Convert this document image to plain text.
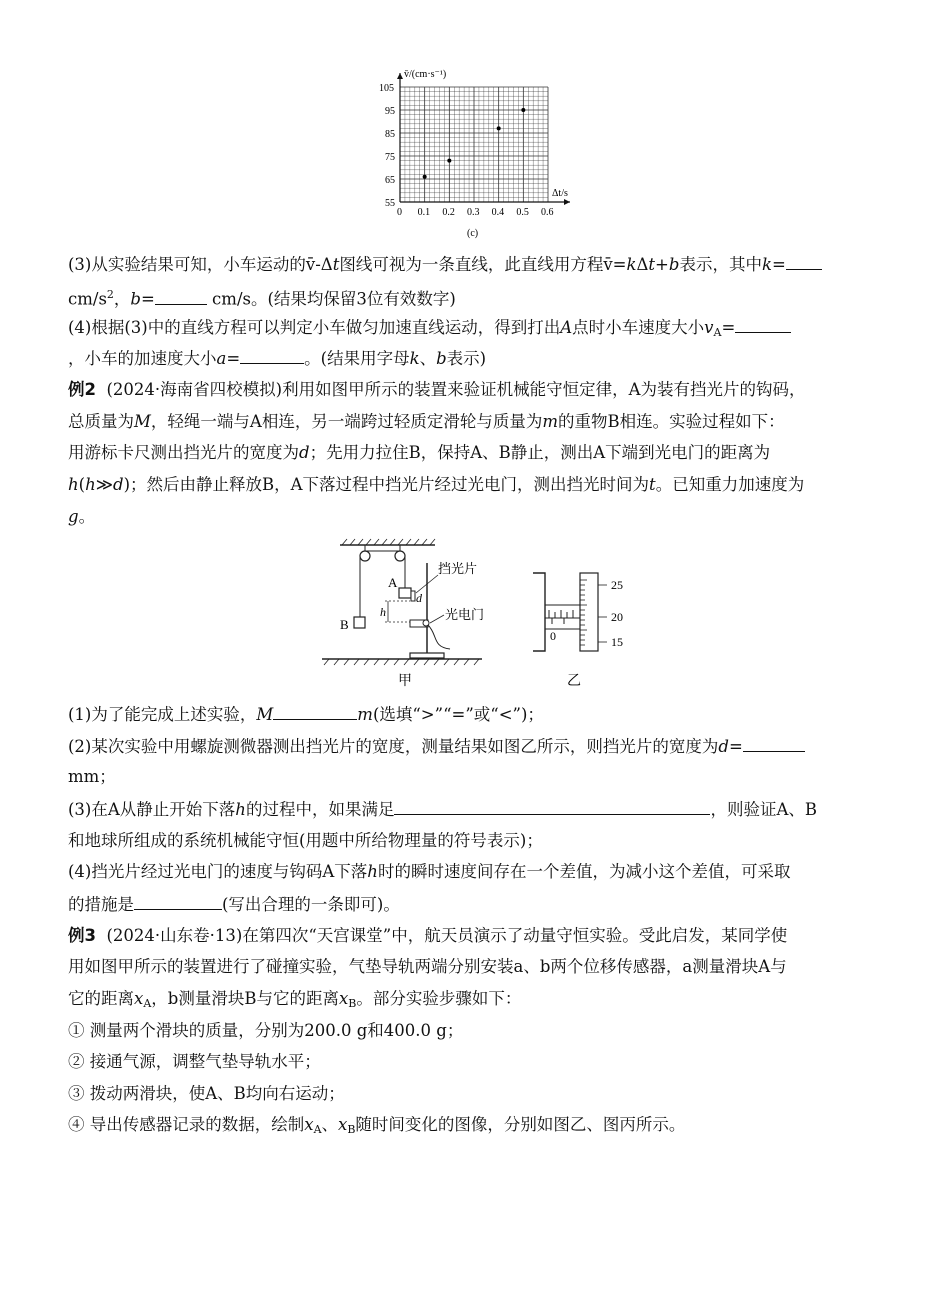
0 0.1 0.2 0.3 0.4 0.5 0.6
55
65
75
85
95
105
v̄/(cm·s⁻¹)
Δt/s
(c)
(3)从实验结果可知，小车运动的v̄-Δt图线可视为一条直线，此直线用方程v̄=kΔt+b表示，其中k=
$cm/s^2$，b=	cm/s。(结果均保留3位有效数字)
(4)根据(3)中的直线方程可以判定小车做匀加速直线运动，得到打出A点时小车速度大小$v_A=$
，小车的加速度大小a=	。(结果用字母k、b表示)
例2 (2024·海南省四校模拟)利用如图甲所示的装置来验证机械能守恒定律，A为装有挡光片的钩码，
总质量为M，轻绳一端与A相连，另一端跨过轻质定滑轮与质量为m的重物B相连。实验过程如下：
用游标卡尺测出挡光片的宽度为d；先用力拉住B，保持A、B静止，测出A下端到光电门的距离为
h(h≫d)；然后由静止释放B，A下落过程中挡光片经过光电门，测出挡光时间为t。已知重力加速度为
g。
B
A
h
d
挡光片
光电门
甲
0
25
20
15
乙
(1)为了能完成上述实验，M	m(选填“>”“=”或“<”)；
(2)某次实验中用螺旋测微器测出挡光片的宽度，测量结果如图乙所示，则挡光片的宽度为d=
mm；
(3)在A从静止开始下落h的过程中，如果满足	，则验证A、B
和地球所组成的系统机械能守恒(用题中所给物理量的符号表示)；
(4)挡光片经过光电门的速度与钩码A下落h时的瞬时速度间存在一个差值，为减小这个差值，可采取
的措施是	(写出合理的一条即可)。
例3 (2024·山东卷·13)在第四次“天宫课堂”中，航天员演示了动量守恒实验。受此启发，某同学使
用如图甲所示的装置进行了碰撞实验，气垫导轨两端分别安装a、b两个位移传感器，a测量滑块A与
它的距离$x_A$，b测量滑块B与它的距离$x_B$。部分实验步骤如下：
① 测量两个滑块的质量，分别为200.0 g和400.0 g；
② 接通气源，调整气垫导轨水平；
③ 拨动两滑块，使A、B均向右运动；
④ 导出传感器记录的数据，绘制$x_A$、$x_B$随时间变化的图像，分别如图乙、图丙所示。
